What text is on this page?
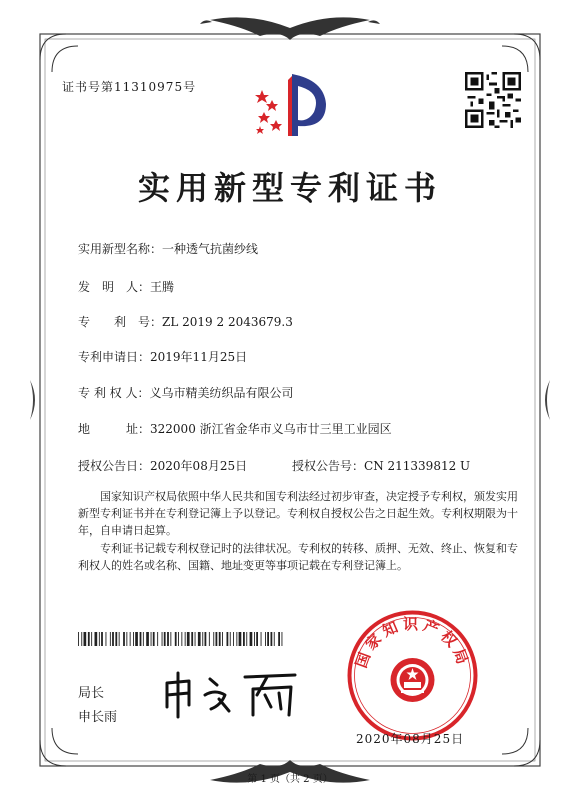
证书号第11310975号
实用新型专利证书
实用新型名称：一种透气抗菌纱线
发　明　人：王腾
专　　利　号：ZL 2019 2 2043679.3
专利申请日：2019年11月25日
专 利 权 人：义乌市精美纺织品有限公司
地　　　址：322000 浙江省金华市义乌市廿三里工业园区
授权公告日：2020年08月25日	授权公告号：CN 211339812 U
国家知识产权局依照中华人民共和国专利法经过初步审查，决定授予专利权，颁发实用新型专利证书并在专利登记簿上予以登记。专利权自授权公告之日起生效。专利权期限为十年，自申请日起算。
专利证书记载专利权登记时的法律状况。专利权的转移、质押、无效、终止、恢复和专利权人的姓名或名称、国籍、地址变更等事项记载在专利登记簿上。
局长
申长雨
国家知识产权局
2020年08月25日
第 1 页（共 2 页）
